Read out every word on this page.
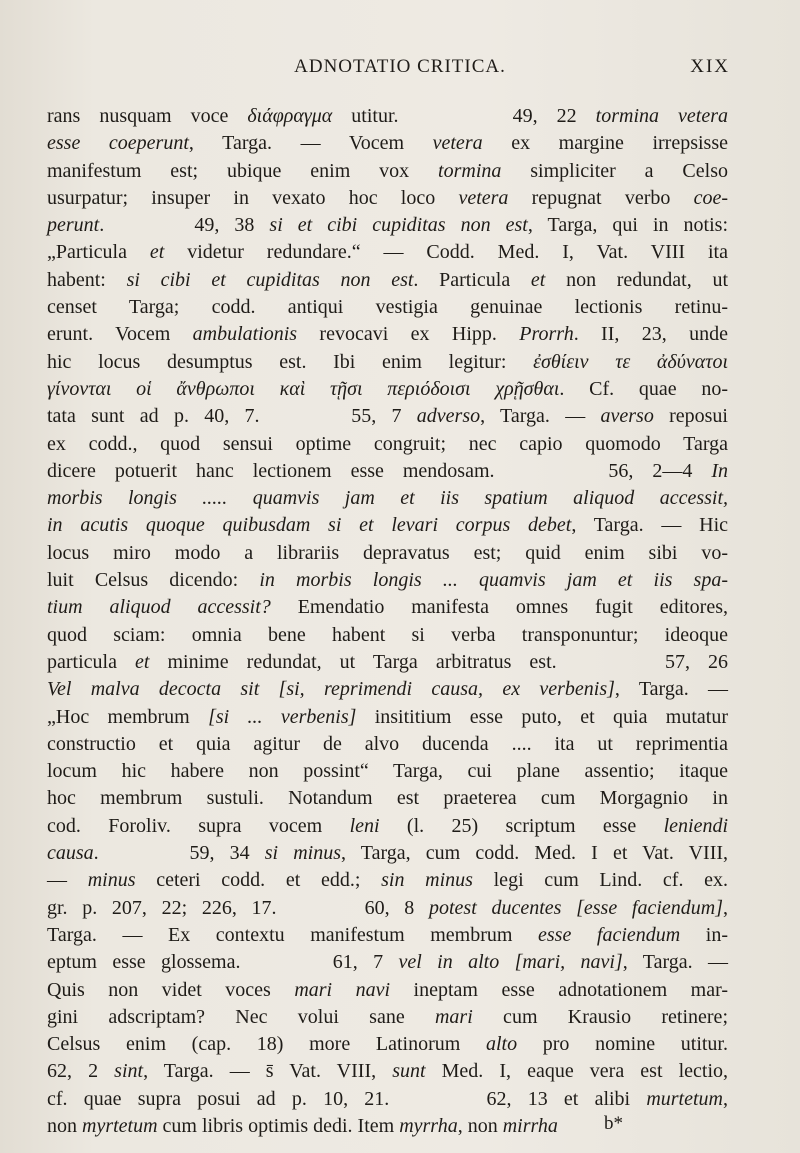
ADNOTATIO CRITICA.	XIX
rans nusquam voce διάφραγμα utitur.      49, 22 tormina vetera
esse coeperunt, Targa. — Vocem vetera ex margine irrepsisse
manifestum est; ubique enim vox tormina simpliciter a Celso
usurpatur; insuper in vexato hoc loco vetera repugnat verbo coe-
perunt.      49, 38 si et cibi cupiditas non est, Targa, qui in notis:
„Particula et videtur redundare.“ — Codd. Med. I, Vat. VIII ita
habent: si cibi et cupiditas non est. Particula et non redundat, ut
censet Targa; codd. antiqui vestigia genuinae lectionis retinu-
erunt. Vocem ambulationis revocavi ex Hipp. Prorrh. II, 23, unde
hic locus desumptus est. Ibi enim legitur: ἐσθίειν τε ἀδύνατοι
γίνονται οἱ ἄνθρωποι καὶ τῇσι περιόδοισι χρῇσθαι. Cf. quae no-
tata sunt ad p. 40, 7.      55, 7 adverso, Targa. — averso reposui
ex codd., quod sensui optime congruit; nec capio quomodo Targa
dicere potuerit hanc lectionem esse mendosam.      56, 2—4 In
morbis longis ..... quamvis jam et iis spatium aliquod accessit,
in acutis quoque quibusdam si et levari corpus debet, Targa. — Hic
locus miro modo a librariis depravatus est; quid enim sibi vo-
luit Celsus dicendo: in morbis longis ... quamvis jam et iis spa-
tium aliquod accessit? Emendatio manifesta omnes fugit editores,
quod sciam: omnia bene habent si verba transponuntur; ideoque
particula et minime redundat, ut Targa arbitratus est.      57, 26
Vel malva decocta sit [si, reprimendi causa, ex verbenis], Targa. —
„Hoc membrum [si ... verbenis] insititium esse puto, et quia mutatur
constructio et quia agitur de alvo ducenda .... ita ut reprimentia
locum hic habere non possint“ Targa, cui plane assentio; itaque
hoc membrum sustuli. Notandum est praeterea cum Morgagnio in
cod. Foroliv. supra vocem leni (l. 25) scriptum esse leniendi
causa.      59, 34 si minus, Targa, cum codd. Med. I et Vat. VIII,
— minus ceteri codd. et edd.; sin minus legi cum Lind. cf. ex.
gr. p. 207, 22; 226, 17.      60, 8 potest ducentes [esse faciendum],
Targa. — Ex contextu manifestum membrum esse faciendum in-
eptum esse glossema.      61, 7 vel in alto [mari, navi], Targa. —
Quis non videt voces mari navi ineptam esse adnotationem mar-
gini adscriptam? Nec volui sane mari cum Krausio retinere;
Celsus enim (cap. 18) more Latinorum alto pro nomine utitur.
62, 2 sint, Targa. — s̄ Vat. VIII, sunt Med. I, eaque vera est lectio,
cf. quae supra posui ad p. 10, 21.      62, 13 et alibi murtetum,
non myrtetum cum libris optimis dedi. Item myrrha, non mirrha	b*
